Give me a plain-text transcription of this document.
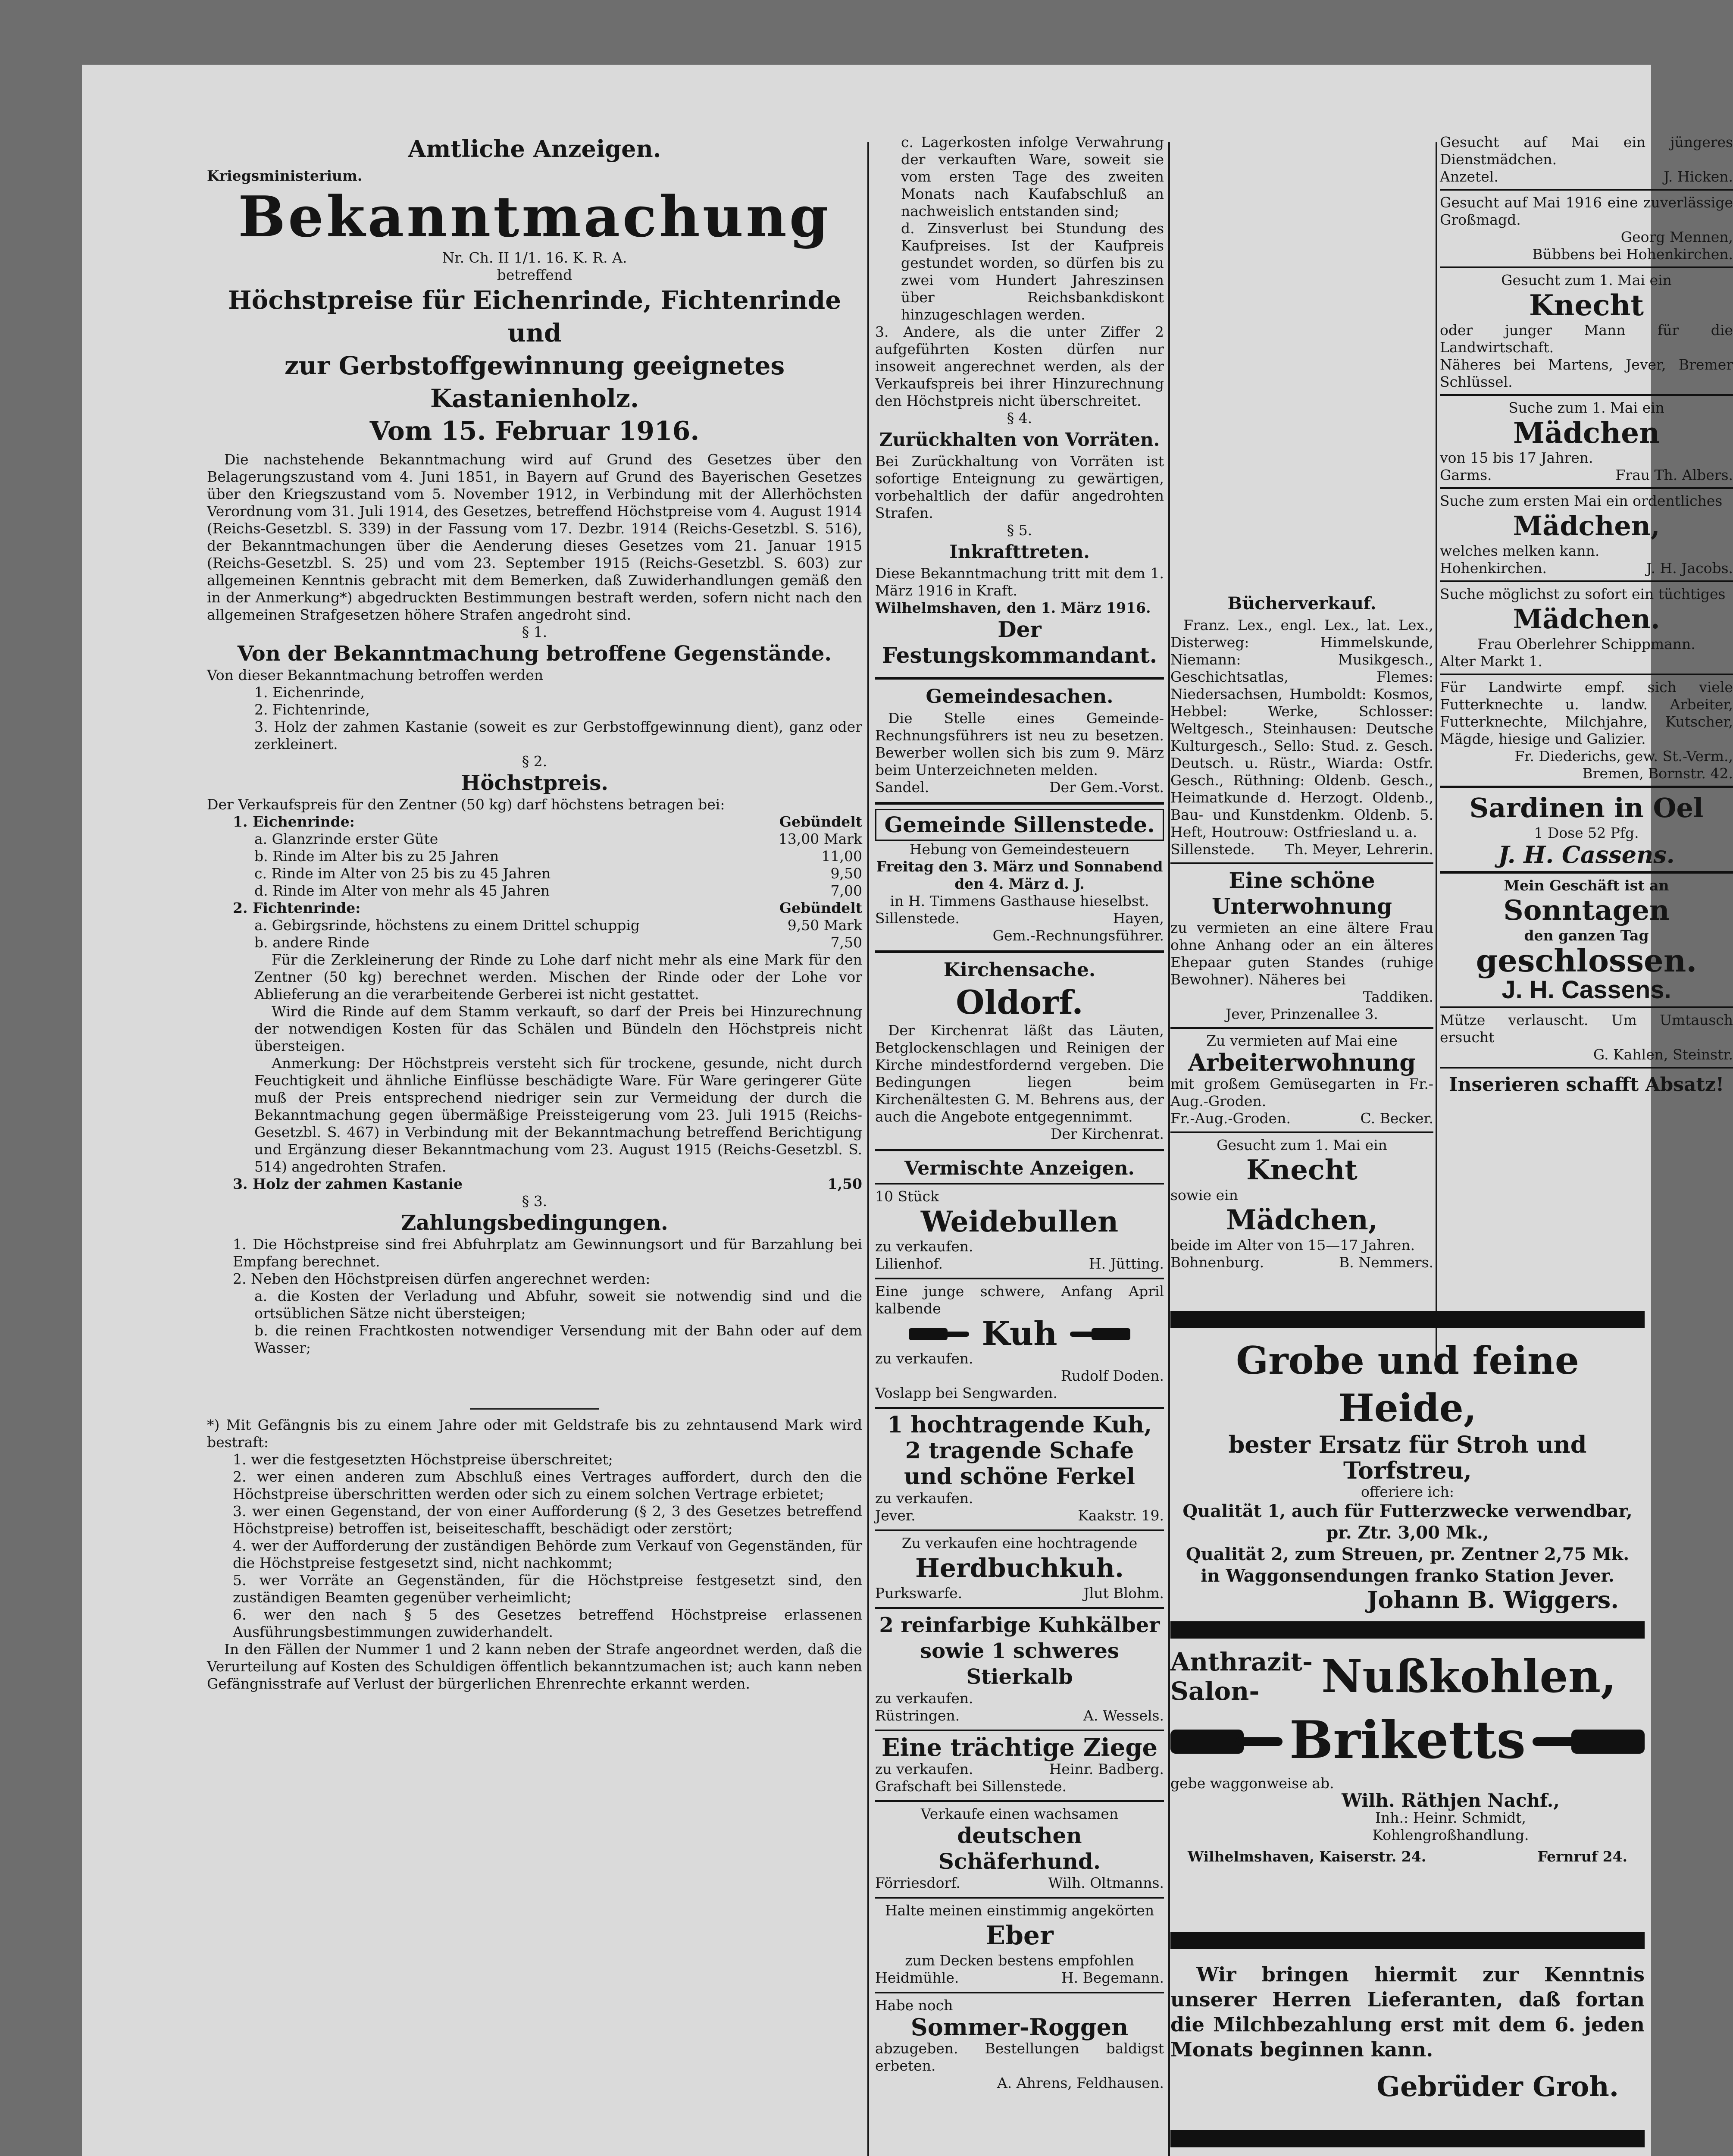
Amtliche Anzeigen.

Kriegsministerium.

Bekanntmachung

Nr. Ch. II 1/1. 16. K. R. A.

betreffend

Höchstpreise für Eichenrinde, Fichtenrinde und

zur Gerbstoffgewinnung geeignetes Kastanienholz.

Vom 15. Februar 1916.

Die nachstehende Bekanntmachung wird auf Grund des Gesetzes über den Belagerungszustand vom 4. Juni 1851, in Bayern auf Grund des Bayerischen Gesetzes über den Kriegszustand vom 5. November 1912, in Verbindung mit der Allerhöchsten Verordnung vom 31. Juli 1914, des Gesetzes, betreffend Höchstpreise vom 4. August 1914 (Reichs-Gesetzbl. S. 339) in der Fassung vom 17. Dezbr. 1914 (Reichs-Gesetzbl. S. 516), der Bekanntmachungen über die Aenderung dieses Gesetzes vom 21. Januar 1915 (Reichs-Gesetzbl. S. 25) und vom 23. September 1915 (Reichs-Gesetzbl. S. 603) zur allgemeinen Kenntnis gebracht mit dem Bemerken, daß Zuwiderhandlungen gemäß den in der Anmerkung*) abgedruckten Bestimmungen bestraft werden, sofern nicht nach den allgemeinen Strafgesetzen höhere Strafen angedroht sind.

§ 1.

Von der Bekanntmachung betroffene Gegenstände.

Von dieser Bekanntmachung betroffen werden

1. Eichenrinde,

2. Fichtenrinde,

3. Holz der zahmen Kastanie (soweit es zur Gerbstoffgewinnung dient), ganz oder zerkleinert.

§ 2.

Höchstpreis.

Der Verkaufspreis für den Zentner (50 kg) darf höchstens betragen bei:

1. Eichenrinde:	Gebündelt
a. Glanzrinde erster Güte	13,00 Mark
b. Rinde im Alter bis zu 25 Jahren	11,00
c. Rinde im Alter von 25 bis zu 45 Jahren	9,50
d. Rinde im Alter von mehr als 45 Jahren	7,00
2. Fichtenrinde:	Gebündelt
a. Gebirgsrinde, höchstens zu einem Drittel schuppig	9,50 Mark
b. andere Rinde	7,50

Für die Zerkleinerung der Rinde zu Lohe darf nicht mehr als eine Mark für den Zentner (50 kg) berechnet werden. Mischen der Rinde oder der Lohe vor Ablieferung an die verarbeitende Gerberei ist nicht gestattet.

Wird die Rinde auf dem Stamm verkauft, so darf der Preis bei Hinzurechnung der notwendigen Kosten für das Schälen und Bündeln den Höchstpreis nicht übersteigen.

Anmerkung: Der Höchstpreis versteht sich für trockene, gesunde, nicht durch Feuchtigkeit und ähnliche Einflüsse beschädigte Ware. Für Ware geringerer Güte muß der Preis entsprechend niedriger sein zur Vermeidung der durch die Bekanntmachung gegen übermäßige Preissteigerung vom 23. Juli 1915 (Reichs-Gesetzbl. S. 467) in Verbindung mit der Bekanntmachung betreffend Berichtigung und Ergänzung dieser Bekanntmachung vom 23. August 1915 (Reichs-Gesetzbl. S. 514) angedrohten Strafen.

3. Holz der zahmen Kastanie	1,50

§ 3.

Zahlungsbedingungen.

1. Die Höchstpreise sind frei Abfuhrplatz am Gewinnungsort und für Barzahlung bei Empfang berechnet.

2. Neben den Höchstpreisen dürfen angerechnet werden:

a. die Kosten der Verladung und Abfuhr, soweit sie notwendig sind und die ortsüblichen Sätze nicht übersteigen;

b. die reinen Frachtkosten notwendiger Versendung mit der Bahn oder auf dem Wasser;

*) Mit Gefängnis bis zu einem Jahre oder mit Geldstrafe bis zu zehntausend Mark wird bestraft:

1. wer die festgesetzten Höchstpreise überschreitet;

2. wer einen anderen zum Abschluß eines Vertrages auffordert, durch den die Höchstpreise überschritten werden oder sich zu einem solchen Vertrage erbietet;

3. wer einen Gegenstand, der von einer Aufforderung (§ 2, 3 des Gesetzes betreffend Höchstpreise) betroffen ist, beiseiteschafft, beschädigt oder zerstört;

4. wer der Aufforderung der zuständigen Behörde zum Verkauf von Gegenständen, für die Höchstpreise festgesetzt sind, nicht nachkommt;

5. wer Vorräte an Gegenständen, für die Höchstpreise festgesetzt sind, den zuständigen Beamten gegenüber verheimlicht;

6. wer den nach § 5 des Gesetzes betreffend Höchstpreise erlassenen Ausführungsbestimmungen zuwiderhandelt.

In den Fällen der Nummer 1 und 2 kann neben der Strafe angeordnet werden, daß die Verurteilung auf Kosten des Schuldigen öffentlich bekanntzumachen ist; auch kann neben Gefängnisstrafe auf Verlust der bürgerlichen Ehrenrechte erkannt werden.

c. Lagerkosten infolge Verwahrung der verkauften Ware, soweit sie vom ersten Tage des zweiten Monats nach Kaufabschluß an nachweislich entstanden sind;

d. Zinsverlust bei Stundung des Kaufpreises. Ist der Kaufpreis gestundet worden, so dürfen bis zu zwei vom Hundert Jahreszinsen über Reichsbankdiskont hinzugeschlagen werden.

3. Andere, als die unter Ziffer 2 aufgeführten Kosten dürfen nur insoweit angerechnet werden, als der Verkaufspreis bei ihrer Hinzurechnung den Höchstpreis nicht überschreitet.

§ 4.

Zurückhalten von Vorräten.

Bei Zurückhaltung von Vorräten ist sofortige Enteignung zu gewärtigen, vorbehaltlich der dafür angedrohten Strafen.

§ 5.

Inkrafttreten.

Diese Bekanntmachung tritt mit dem 1. März 1916 in Kraft.

Wilhelmshaven, den 1. März 1916.

Der Festungskommandant.

Gemeindesachen.

Die Stelle eines Gemeinde-Rechnungsführers ist neu zu besetzen. Bewerber wollen sich bis zum 9. März beim Unterzeichneten melden.

Sandel.	Der Gem.-Vorst.

Gemeinde Sillenstede.

Hebung von Gemeindesteuern

Freitag den 3. März und Sonnabend den 4. März d. J.

in H. Timmens Gasthause hieselbst.

Sillenstede.	Hayen,

Gem.-Rechnungsführer.

Kirchensache.

Oldorf.

Der Kirchenrat läßt das Läuten, Betglockenschlagen und Reinigen der Kirche mindestfordernd vergeben. Die Bedingungen liegen beim Kirchenältesten G. M. Behrens aus, der auch die Angebote entgegennimmt.

Der Kirchenrat.

Vermischte Anzeigen.

10 Stück

Weidebullen

zu verkaufen.

Lilienhof.	H. Jütting.

Eine junge schwere, Anfang April kalbende

Kuh

zu verkaufen.

Rudolf Doden.

Voslapp bei Sengwarden.

1 hochtragende Kuh,

2 tragende Schafe

und schöne Ferkel

zu verkaufen.

Jever.	Kaakstr. 19.

Zu verkaufen eine hochtragende

Herdbuchkuh.

Purkswarfe.	Jlut Blohm.

2 reinfarbige Kuhkälber

sowie 1 schweres Stierkalb

zu verkaufen.

Rüstringen.	A. Wessels.

Eine trächtige Ziege

zu verkaufen.	Heinr. Badberg.

Grafschaft bei Sillenstede.

Verkaufe einen wachsamen

deutschen Schäferhund.

Förriesdorf.	Wilh. Oltmanns.

Halte meinen einstimmig angekörten

Eber

zum Decken bestens empfohlen

Heidmühle.	H. Begemann.

Habe noch

Sommer-Roggen

abzugeben. Bestellungen baldigst erbeten.

A. Ahrens, Feldhausen.

Bücherverkauf.

Franz. Lex., engl. Lex., lat. Lex., Disterweg: Himmelskunde, Niemann: Musikgesch., Geschichtsatlas, Flemes: Niedersachsen, Humboldt: Kosmos, Hebbel: Werke, Schlosser: Weltgesch., Steinhausen: Deutsche Kulturgesch., Sello: Stud. z. Gesch. Deutsch. u. Rüstr., Wiarda: Ostfr. Gesch., Rüthning: Oldenb. Gesch., Heimatkunde d. Herzogt. Oldenb., Bau- und Kunstdenkm. Oldenb. 5. Heft, Houtrouw: Ostfriesland u. a.

Sillenstede. Th. Meyer, Lehrerin.

Eine schöne Unterwohnung

zu vermieten an eine ältere Frau ohne Anhang oder an ein älteres Ehepaar guten Standes (ruhige Bewohner). Näheres bei

Taddiken.

Jever, Prinzenallee 3.

Zu vermieten auf Mai eine

Arbeiterwohnung

mit großem Gemüsegarten in Fr.-Aug.-Groden.

Fr.-Aug.-Groden.	C. Becker.

Gesucht zum 1. Mai ein

Knecht

sowie ein

Mädchen,

beide im Alter von 15—17 Jahren.

Bohnenburg.	B. Nemmers.

Gesucht auf Mai ein jüngeres Dienstmädchen.

Anzetel.	J. Hicken.

Gesucht auf Mai 1916 eine zuverlässige Großmagd.

Georg Mennen,

Bübbens bei Hohenkirchen.

Gesucht zum 1. Mai ein

Knecht

oder junger Mann für die Landwirtschaft.

Näheres bei Martens, Jever, Bremer Schlüssel.

Suche zum 1. Mai ein

Mädchen

von 15 bis 17 Jahren.

Garms.	Frau Th. Albers.

Suche zum ersten Mai ein ordentliches

Mädchen,

welches melken kann.

Hohenkirchen.	J. H. Jacobs.

Suche möglichst zu sofort ein tüchtiges

Mädchen.

Frau Oberlehrer Schippmann.

Alter Markt 1.

Für Landwirte empf. sich viele Futterknechte u. landw. Arbeiter, Futterknechte, Milchjahre, Kutscher, Mägde, hiesige und Galizier.

Fr. Diederichs, gew. St.-Verm.,

Bremen, Bornstr. 42.

Sardinen in Oel

1 Dose 52 Pfg.

J. H. Cassens.

Mein Geschäft ist an

Sonntagen

den ganzen Tag

geschlossen.

J. H. Cassens.

Mütze verlauscht. Um Umtausch ersucht

G. Kahlen, Steinstr.

Inserieren schafft Absatz!

Grobe und feine Heide,

bester Ersatz für Stroh und Torfstreu,

offeriere ich:

Qualität 1, auch für Futterzwecke verwendbar, pr. Ztr. 3,00 Mk.,

Qualität 2, zum Streuen, pr. Zentner 2,75 Mk.

in Waggonsendungen franko Station Jever.

Johann B. Wiggers.

Anthrazit-

Salon-	Nußkohlen,

Briketts

gebe waggonweise ab.

Wilh. Räthjen Nachf.,

Inh.: Heinr. Schmidt,

Kohlengroßhandlung.

Wilhelmshaven, Kaiserstr. 24.	Fernruf 24.

Wir bringen hiermit zur Kenntnis unserer Herren Lieferanten, daß fortan die Milchbezahlung erst mit dem 6. jeden Monats beginnen kann.

Gebrüder Groh.
